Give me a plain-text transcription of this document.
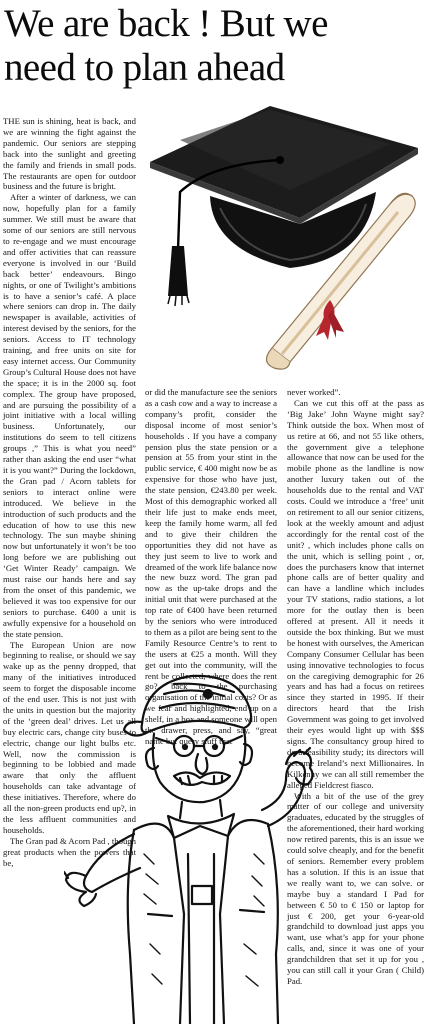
We are back ! But we
need to plan ahead

THE sun is shining, heat is back, and we are winning the fight against the pandemic. Our seniors are stepping back into the sunlight and greeting the family and friends in small pods. The restaurants are open for outdoor business and the future is bright.

After a winter of darkness, we can now, hopefully plan for a family summer. We still must be aware that some of our seniors are still nervous to re-engage and we must encourage and offer activities that can reassure everyone is involved in our ‘Build back better’ endeavours. Bingo nights, or one of Twilight’s ambitions is to have a senior’s café. A place where seniors can drop in. The daily newspaper is available, activities of interest devised by the seniors, for the seniors. Access to IT technology training, and free units on site for easy internet access. Our Community Group’s Cultural House does not have the space; it is in the 2000 sq. foot complex. The group have proposed, and are pursuing the possibility of a joint initiative with a local willing business. Unfortunately, our institutions do seem to tell citizens groups ,” This is what you need” rather than asking the end user “what it is you want?” During the lockdown, the Gran pad / Acorn tablets for seniors to interact online were introduced. We believe in the introduction of such products and the education of how to use this new technology. The sun maybe shining now but unfortunately it won’t be too long before we are publishing out ‘Get Winter Ready’ campaign. We must raise our hands here and say from the onset of this pandemic, we believed it was too expensive for our seniors to purchase. €400 a unit is awfully expensive for a household on the state pension.

The European Union are now beginning to realise, or should we say wake up as the penny dropped, that many of the initiatives introduced seem to forget the disposable income of the end user. This is not just with the units in question but the majority of the ‘green deal’ drives. Let us all buy electric cars, change city buses to electric, change our light bulbs etc. Well, now the commission is beginning to be lobbied and made aware that only the affluent households can take advantage of these initiatives. Therefore, where do all the non-green products end up?, in the less affluent communities and households.

The Gran pad & Acorn Pad , though great products when the powers that be,

or did the manufacture see the seniors as a cash cow and a way to increase a company’s profit, consider the disposal income of most senior’s households . If you have a company pension plus the state pension or a pension at 55 from your stint in the public service, € 400 might now be as expensive for those who have just, the state pension, €243.80 per week. Most of this demographic worked all their life just to make ends meet, keep the family home warm, all fed and to give their children the opportunities they did not have as they just seem to live to work and dreamed of the work life balance now the new buzz word. The gran pad now as the up-take drops and the initial unit that were purchased at the top rate of €400 have been returned by the seniors who were introduced to them as a pilot are being sent to the Family Resource Centre’s to rent to the users at €25 a month. Will they get out into the community, will the rent be collected, where does the rent go?, back to the purchasing organisation of the initial costs? Or as we fear and highlighted, end up on a shelf, in a box and someone will open the drawer, press, and say, “great name but query stuff that

never worked”.

Can we cut this off at the pass as ‘Big Jake’ John Wayne might say? Think outside the box. When most of us retire at 66, and not 55 like others, the government give a telephone allowance that now can be used for the mobile phone as the landline is now another luxury taken out of the households due to the rental and VAT costs. Could we introduce a ‘free’ unit on retirement to all our senior citizens, look at the weekly amount and adjust accordingly for the rental cost of the unit? , which includes phone calls on the unit, which is selling point , or, does the purchasers know that internet phone calls are of better quality and can have a landline which includes your TV stations, radio stations, a lot more for the outlay then is been offered at present. All it needs it outside the box thinking. But we must be honest with ourselves, the American Company Consumer Cellular has been using innovative technologies to focus on the caregiving demographic for 26 years and has had a focus on retirees since they started in 1995. If their directors heard that the Irish Government was going to get involved their eyes would light up with $$$ signs. The consultancy group hired to do a feasibility study; its directors will become Ireland’s next Millionaires. In Kilkenny we can all still remember the alleged Fieldcrest fiasco.

With a bit of the use of the grey matter of our college and university graduates, educated by the struggles of the aforementioned, their hard working now retired parents, this is an issue we could solve cheaply, and for the benefit of seniors. Remember every problem has a solution. If this is an issue that we really want to, we can solve. or maybe buy a standard I Pad for between € 50 to € 150 or laptop for just € 200, get your 6-year-old grandchild to download just apps you want, use what’s app for your phone calls, and, since it was one of your grandchildren that set it up for you , you can still call it your Gran ( Child) Pad.
